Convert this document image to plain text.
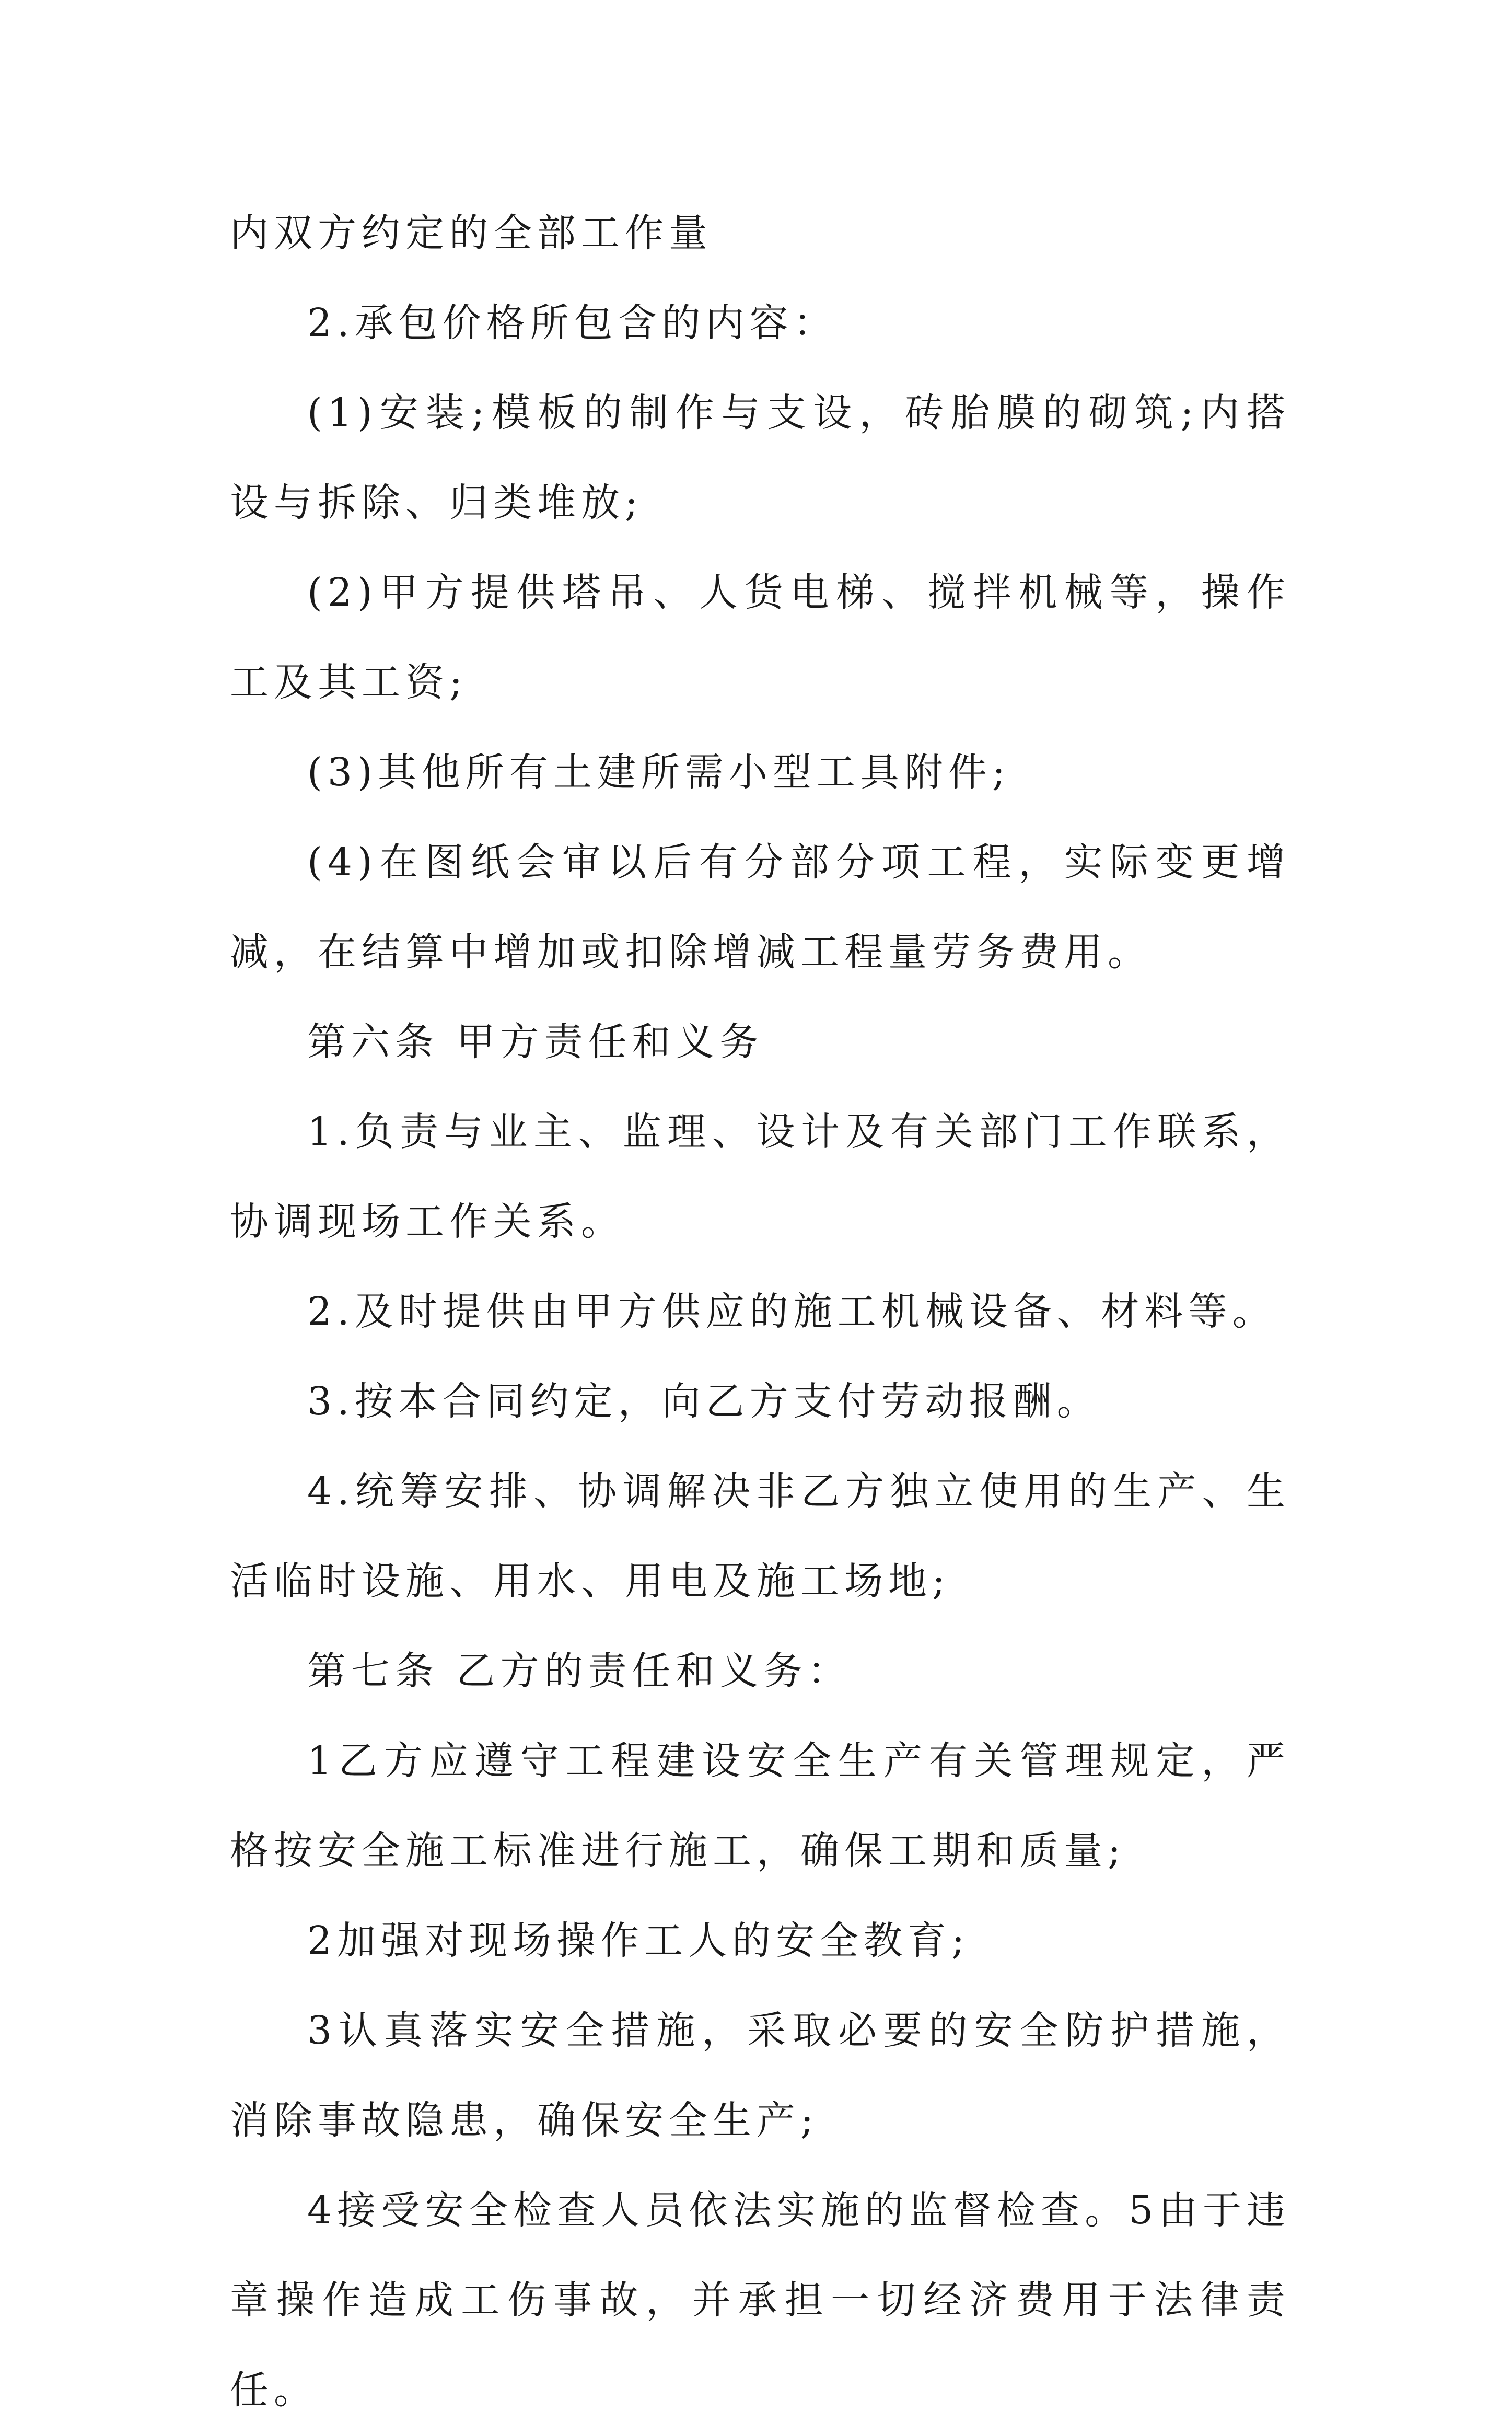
内双方约定的全部工作量

2.承包价格所包含的内容：

(1)安装;模板的制作与支设，砖胎膜的砌筑;内搭设与拆除、归类堆放;

(2)甲方提供塔吊、人货电梯、搅拌机械等，操作工及其工资;

(3)其他所有土建所需小型工具附件;

(4)在图纸会审以后有分部分项工程，实际变更增减，在结算中增加或扣除增减工程量劳务费用。

第六条 甲方责任和义务

1.负责与业主、监理、设计及有关部门工作联系，协调现场工作关系。

2.及时提供由甲方供应的施工机械设备、材料等。

3.按本合同约定，向乙方支付劳动报酬。

4.统筹安排、协调解决非乙方独立使用的生产、生活临时设施、用水、用电及施工场地;

第七条 乙方的责任和义务：

1乙方应遵守工程建设安全生产有关管理规定，严格按安全施工标准进行施工，确保工期和质量;

2加强对现场操作工人的安全教育;

3认真落实安全措施，采取必要的安全防护措施，消除事故隐患，确保安全生产;

4接受安全检查人员依法实施的监督检查。5由于违章操作造成工伤事故，并承担一切经济费用于法律责任。
